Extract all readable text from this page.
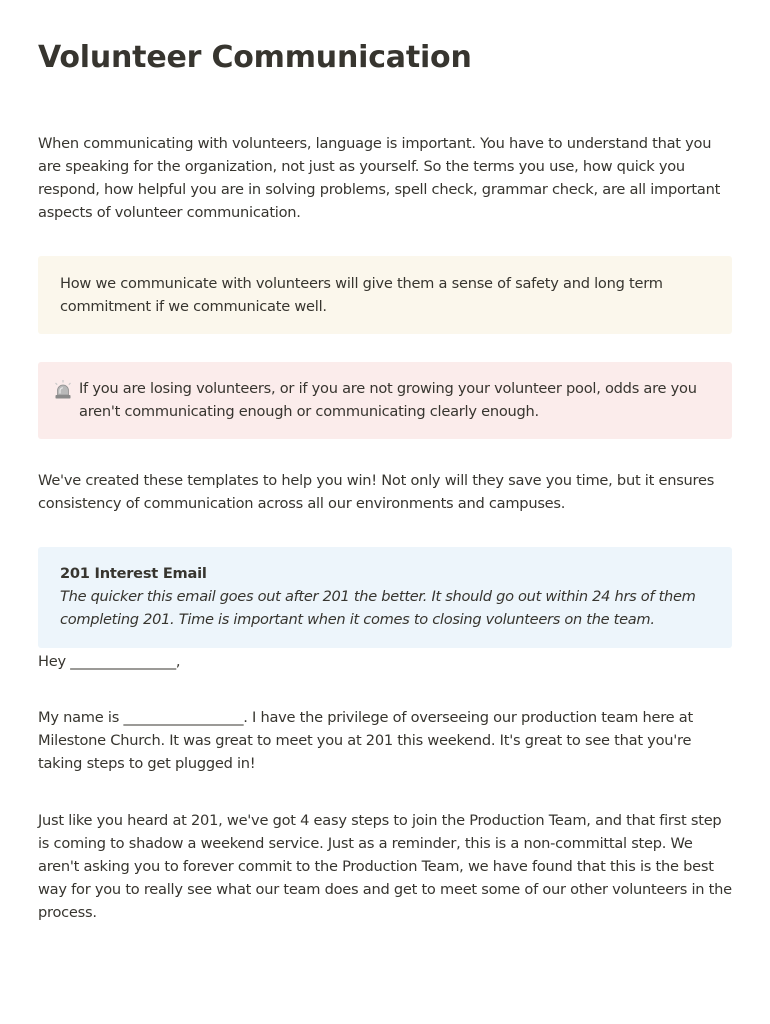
Volunteer Communication

When communicating with volunteers, language is important. You have to understand that you are speaking for the organization, not just as yourself. So the terms you use, how quick you respond, how helpful you are in solving problems, spell check, grammar check, are all important aspects of volunteer communication.

How we communicate with volunteers will give them a sense of safety and long term commitment if we communicate well.

If you are losing volunteers, or if you are not growing your volunteer pool, odds are you aren't communicating enough or communicating clearly enough.

We've created these templates to help you win! Not only will they save you time, but it ensures consistency of communication across all our environments and campuses.

201 Interest Email

The quicker this email goes out after 201 the better. It should go out within 24 hrs of them completing 201. Time is important when it comes to closing volunteers on the team.

Hey _______________,

My name is _________________. I have the privilege of overseeing our production team here at Milestone Church. It was great to meet you at 201 this weekend. It's great to see that you're taking steps to get plugged in!

Just like you heard at 201, we've got 4 easy steps to join the Production Team, and that first step is coming to shadow a weekend service. Just as a reminder, this is a non-committal step. We aren't asking you to forever commit to the Production Team, we have found that this is the best way for you to really see what our team does and get to meet some of our other volunteers in the process.
